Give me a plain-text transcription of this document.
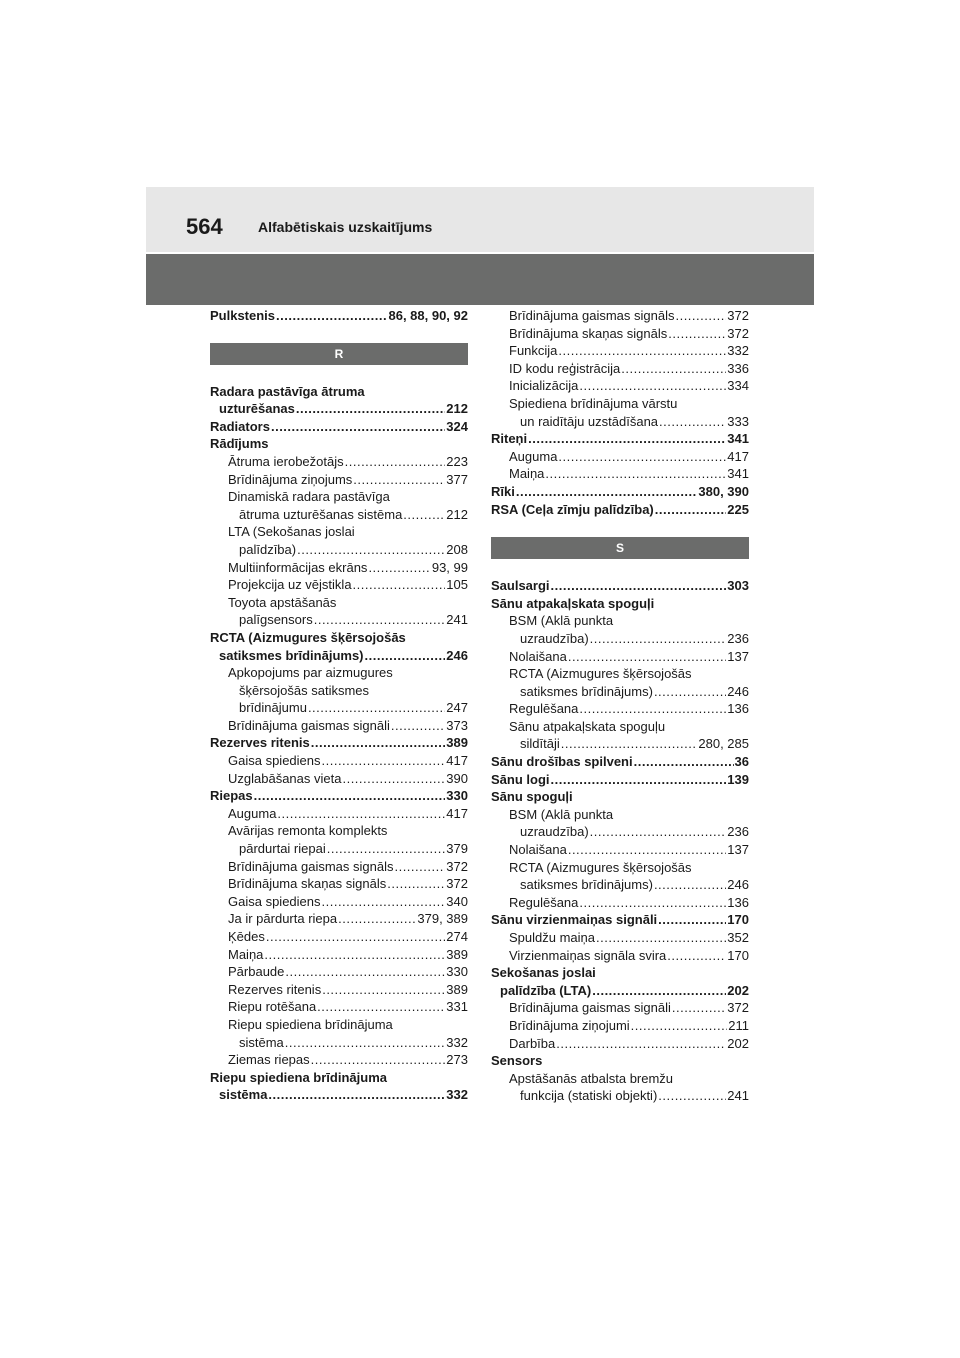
564	Alfabētiskais uzskaitījums
Pulkstenis .....	86, 88, 90, 92
R
Radara pastāvīga ātruma
uzturēšanas .....	212
Radiators .....	324
Rādījums
Ātruma ierobežotājs .....	223
Brīdinājuma ziņojums .....	377
Dinamiskā radara pastāvīga
ātruma uzturēšanas sistēma .....	212
LTA (Sekošanas joslai
palīdzība) .....	208
Multiinformācijas ekrāns .....	93, 99
Projekcija uz vējstikla .....	105
Toyota apstāšanās
palīgsensors .....	241
RCTA (Aizmugures šķērsojošās
satiksmes brīdinājums) .....	246
Apkopojums par aizmugures
šķērsojošās satiksmes
brīdinājumu .....	247
Brīdinājuma gaismas signāli .....	373
Rezerves ritenis .....	389
Gaisa spiediens .....	417
Uzglabāšanas vieta .....	390
Riepas .....	330
Auguma .....	417
Avārijas remonta komplekts
pārdurtai riepai .....	379
Brīdinājuma gaismas signāls .....	372
Brīdinājuma skaņas signāls .....	372
Gaisa spiediens .....	340
Ja ir pārdurta riepa .....	379, 389
Ķēdes .....	274
Maiņa .....	389
Pārbaude .....	330
Rezerves ritenis .....	389
Riepu rotēšana .....	331
Riepu spiediena brīdinājuma
sistēma .....	332
Ziemas riepas .....	273
Riepu spiediena brīdinājuma
sistēma .....	332
Brīdinājuma gaismas signāls .....	372
Brīdinājuma skaņas signāls .....	372
Funkcija .....	332
ID kodu reģistrācija .....	336
Inicializācija .....	334
Spiediena brīdinājuma vārstu
un raidītāju uzstādīšana .....	333
Riteņi .....	341
Auguma .....	417
Maiņa .....	341
Rīki .....	380, 390
RSA (Ceļa zīmju palīdzība) .....	225
S
Saulsargi .....	303
Sānu atpakaļskata spoguļi
BSM (Aklā punkta
uzraudzība) .....	236
Nolaišana .....	137
RCTA (Aizmugures šķērsojošās
satiksmes brīdinājums) .....	246
Regulēšana .....	136
Sānu atpakaļskata spoguļu
sildītāji .....	280, 285
Sānu drošības spilveni .....	36
Sānu logi .....	139
Sānu spoguļi
BSM (Aklā punkta
uzraudzība) .....	236
Nolaišana .....	137
RCTA (Aizmugures šķērsojošās
satiksmes brīdinājums) .....	246
Regulēšana .....	136
Sānu virzienmaiņas signāli .....	170
Spuldžu maiņa .....	352
Virzienmaiņas signāla svira .....	170
Sekošanas joslai
palīdzība (LTA) .....	202
Brīdinājuma gaismas signāli .....	372
Brīdinājuma ziņojumi .....	211
Darbība .....	202
Sensors
Apstāšanās atbalsta bremžu
funkcija (statiski objekti) .....	241
